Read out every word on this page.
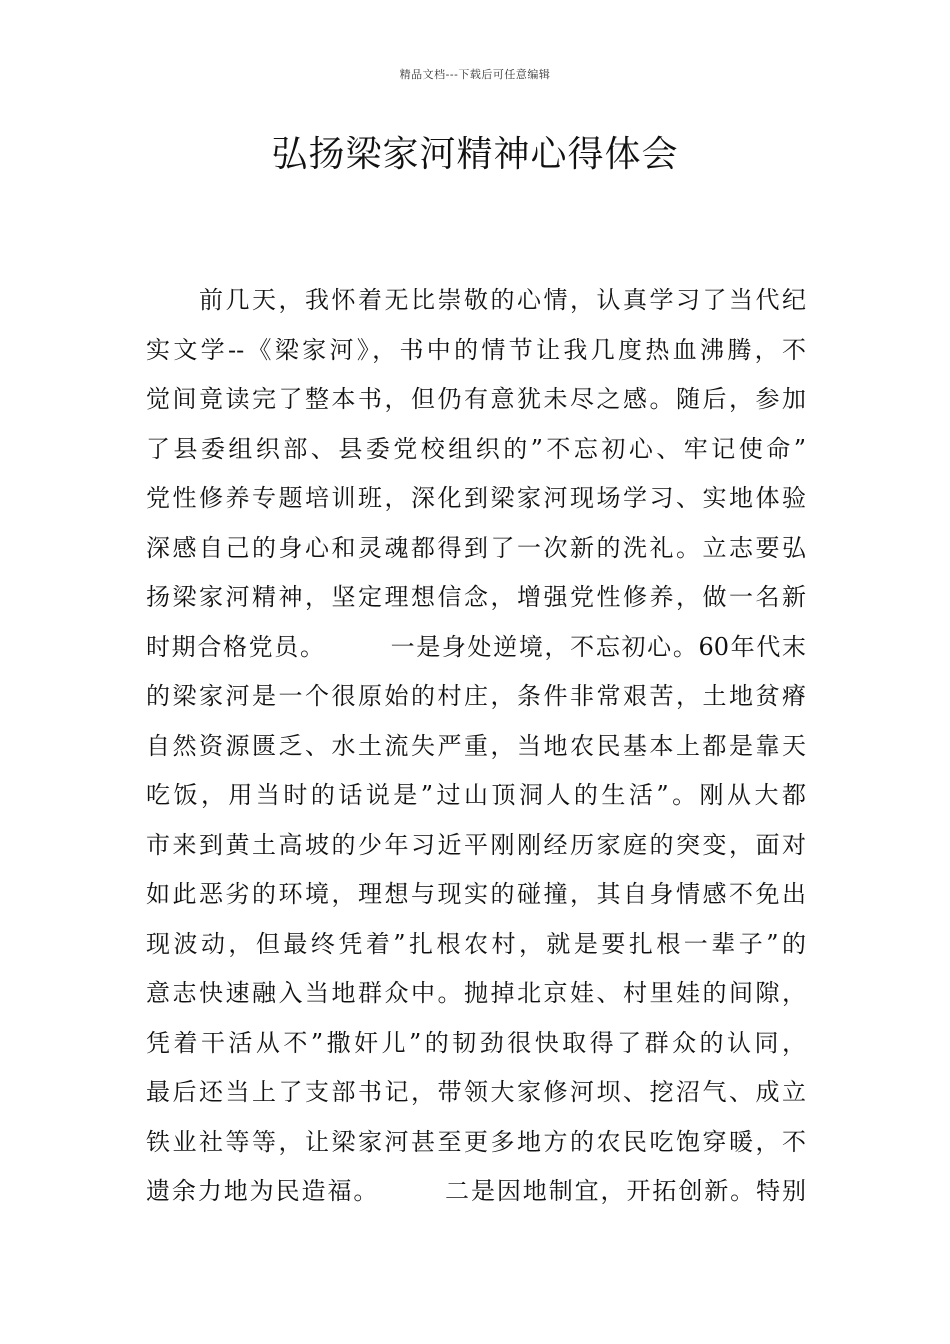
精品文档---下载后可任意编辑
弘扬梁家河精神心得体会
　　前几天，我怀着无比崇敬的心情，认真学习了当代纪
实文学--《梁家河》，书中的情节让我几度热血沸腾，不
觉间竟读完了整本书，但仍有意犹未尽之感。随后，参加
了县委组织部、县委党校组织的”不忘初心、牢记使命”
党性修养专题培训班，深化到梁家河现场学习、实地体验
深感自己的身心和灵魂都得到了一次新的洗礼。立志要弘
扬梁家河精神，坚定理想信念，增强党性修养，做一名新
时期合格党员。　　　一是身处逆境，不忘初心。60年代末
的梁家河是一个很原始的村庄，条件非常艰苦，土地贫瘠
自然资源匮乏、水土流失严重，当地农民基本上都是靠天
吃饭，用当时的话说是”过山顶洞人的生活”。刚从大都
市来到黄土高坡的少年习近平刚刚经历家庭的突变，面对
如此恶劣的环境，理想与现实的碰撞，其自身情感不免出
现波动，但最终凭着”扎根农村，就是要扎根一辈子”的
意志快速融入当地群众中。抛掉北京娃、村里娃的间隙，
凭着干活从不”撒奸儿”的韧劲很快取得了群众的认同，
最后还当上了支部书记，带领大家修河坝、挖沼气、成立
铁业社等等，让梁家河甚至更多地方的农民吃饱穿暖，不
遗余力地为民造福。　　　二是因地制宜，开拓创新。特别
